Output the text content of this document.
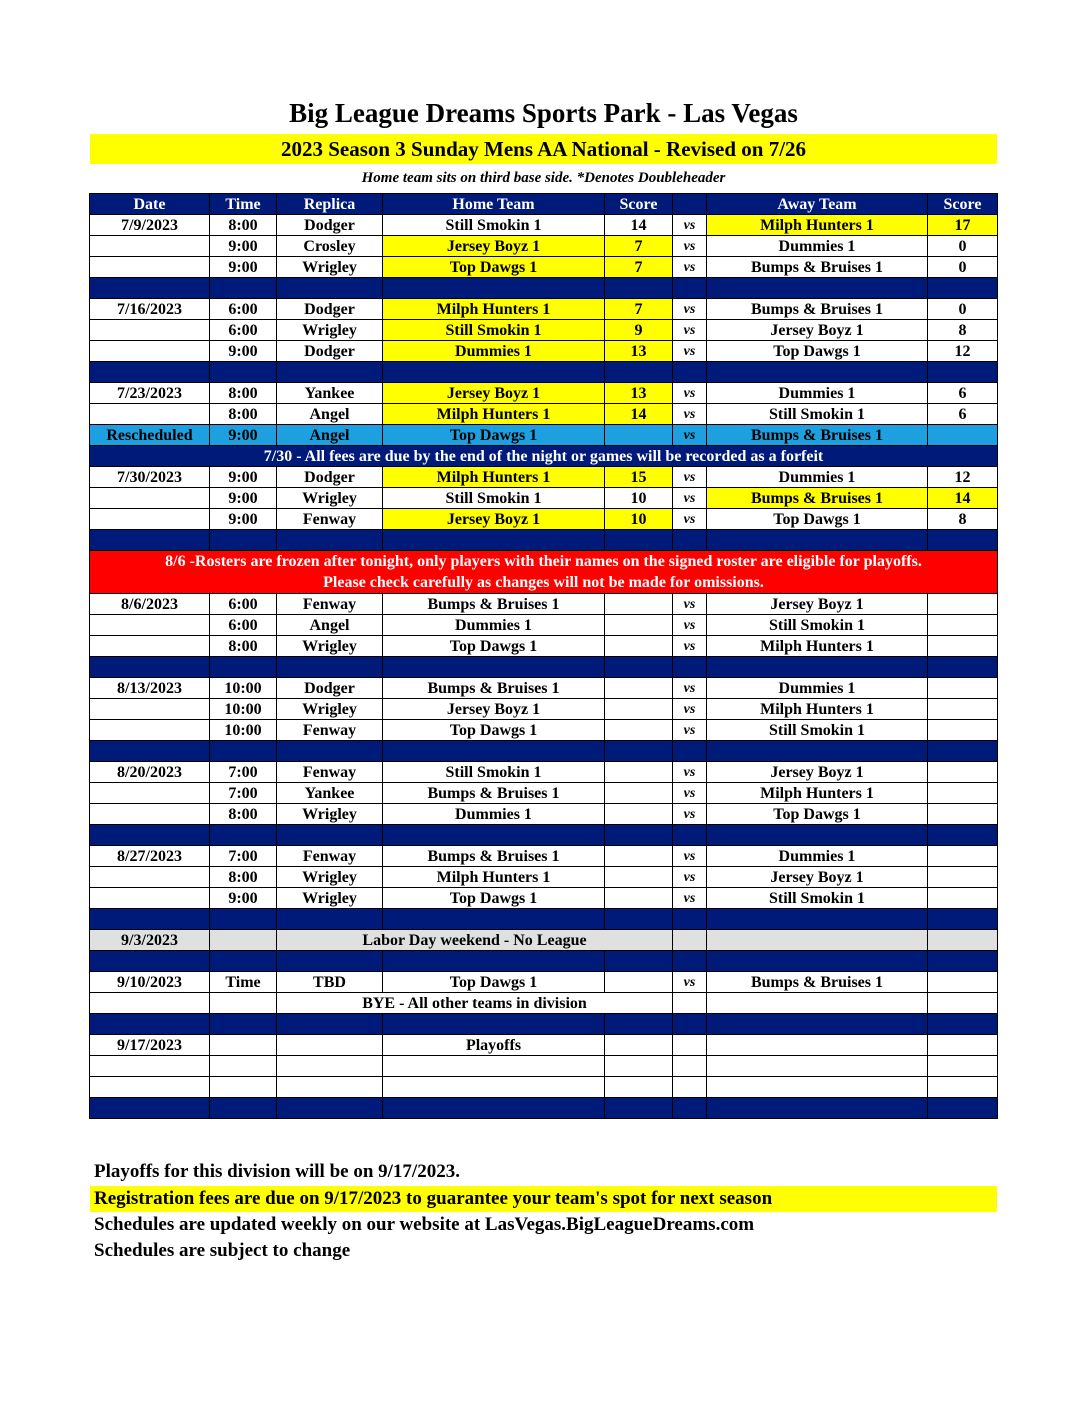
Big League Dreams Sports Park - Las Vegas
2023 Season 3 Sunday Mens AA National - Revised on 7/26
Home team sits on third base side. *Denotes Doubleheader
Date	Time	Replica	Home Team	Score		Away Team	Score
7/9/2023	8:00	Dodger	Still Smokin 1	14	vs	Milph Hunters 1	17
	9:00	Crosley	Jersey Boyz 1	7	vs	Dummies 1	0
	9:00	Wrigley	Top Dawgs 1	7	vs	Bumps & Bruises 1	0

7/16/2023	6:00	Dodger	Milph Hunters 1	7	vs	Bumps & Bruises 1	0
	6:00	Wrigley	Still Smokin 1	9	vs	Jersey Boyz 1	8
	9:00	Dodger	Dummies 1	13	vs	Top Dawgs 1	12

7/23/2023	8:00	Yankee	Jersey Boyz 1	13	vs	Dummies 1	6
	8:00	Angel	Milph Hunters 1	14	vs	Still Smokin 1	6
Rescheduled	9:00	Angel	Top Dawgs 1		vs	Bumps & Bruises 1	
7/30 - All fees are due by the end of the night or games will be recorded as a forfeit							
7/30/2023	9:00	Dodger	Milph Hunters 1	15	vs	Dummies 1	12
	9:00	Wrigley	Still Smokin 1	10	vs	Bumps & Bruises 1	14
	9:00	Fenway	Jersey Boyz 1	10	vs	Top Dawgs 1	8

8/6 -Rosters are frozen after tonight, only players with their names on the signed roster are eligible for playoffs.
Please check carefully as changes will not be made for omissions.							

8/6/2023	6:00	Fenway	Bumps & Bruises 1		vs	Jersey Boyz 1	
	6:00	Angel	Dummies 1		vs	Still Smokin 1	
	8:00	Wrigley	Top Dawgs 1		vs	Milph Hunters 1	

8/13/2023	10:00	Dodger	Bumps & Bruises 1		vs	Dummies 1	
	10:00	Wrigley	Jersey Boyz 1		vs	Milph Hunters 1	
	10:00	Fenway	Top Dawgs 1		vs	Still Smokin 1	

8/20/2023	7:00	Fenway	Still Smokin 1		vs	Jersey Boyz 1	
	7:00	Yankee	Bumps & Bruises 1		vs	Milph Hunters 1	
	8:00	Wrigley	Dummies 1		vs	Top Dawgs 1	

8/27/2023	7:00	Fenway	Bumps & Bruises 1		vs	Dummies 1	
	8:00	Wrigley	Milph Hunters 1		vs	Jersey Boyz 1	
	9:00	Wrigley	Top Dawgs 1		vs	Still Smokin 1	

9/3/2023		Labor Day weekend - No League					

9/10/2023	Time	TBD	Top Dawgs 1		vs	Bumps & Bruises 1	
		BYE - All other teams in division					

9/17/2023			Playoffs				

Playoffs for this division will be on 9/17/2023.
Registration fees are due on 9/17/2023 to guarantee your team's spot for next season
Schedules are updated weekly on our website at LasVegas.BigLeagueDreams.com
Schedules are subject to change
